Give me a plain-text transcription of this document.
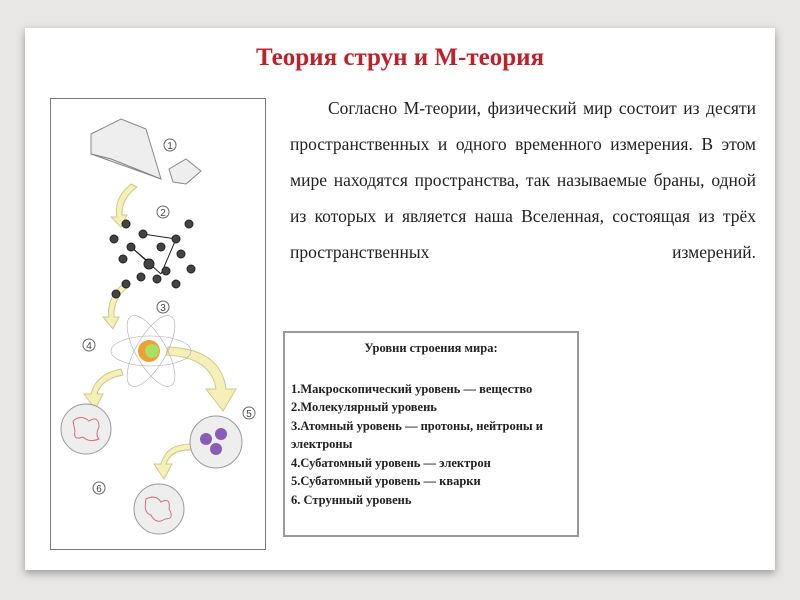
Теория струн и М-теория
Согласно М-теории, физический мир состоит из десяти пространственных и одного временного измерения. В этом мире находятся пространства, так называемые браны, одной из которых и является наша Вселенная, состоящая из трёх пространственных измерений.
Уровни строения мира:
1.Макроскопический уровень — вещество
2.Молекулярный уровень
3.Атомный уровень — протоны, нейтроны и электроны
4.Субатомный уровень — электрон
5.Субатомный уровень — кварки
6. Струнный уровень
1
2
3
4
5
6
